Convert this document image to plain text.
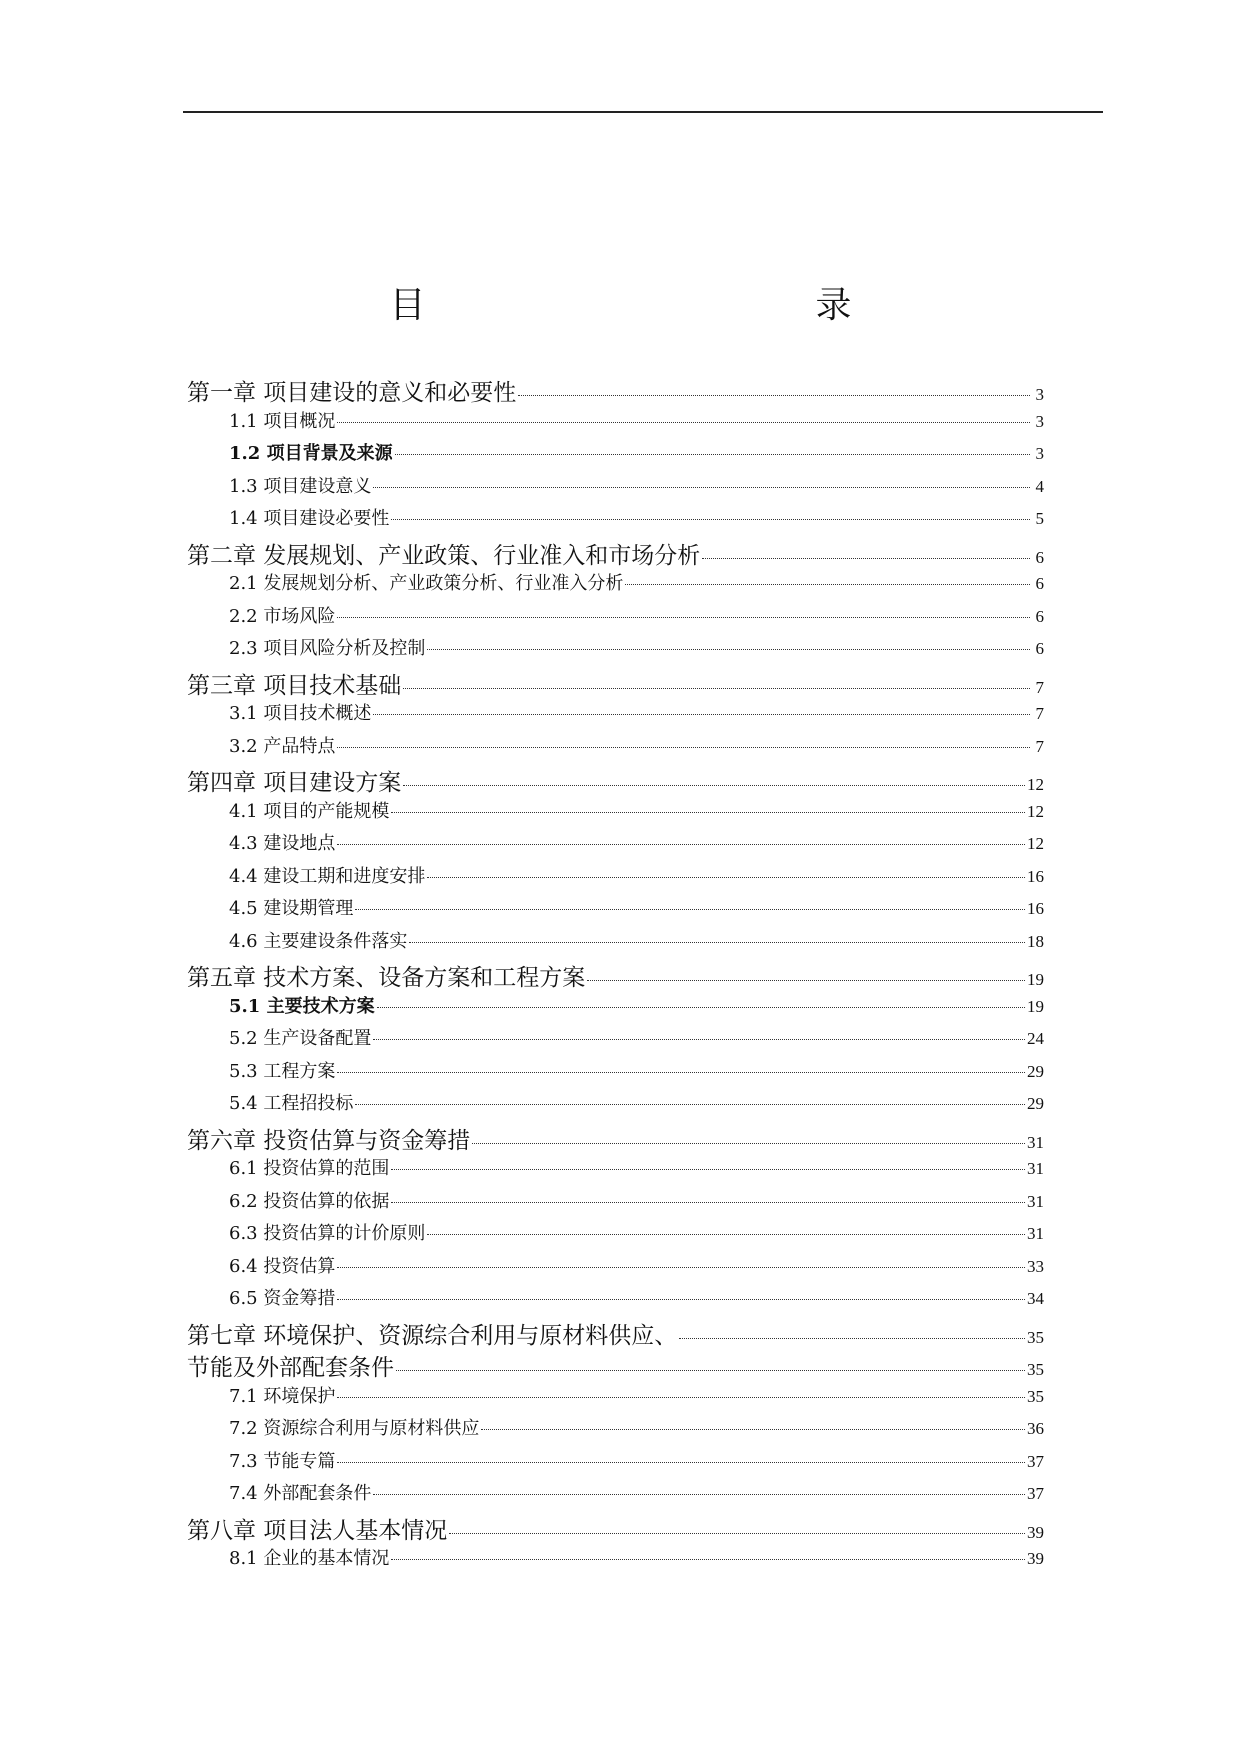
目　　录
第一章 项目建设的意义和必要性	3
1.1 项目概况	3
1.2 项目背景及来源	3
1.3 项目建设意义	4
1.4 项目建设必要性	5
第二章 发展规划、产业政策、行业准入和市场分析	6
2.1 发展规划分析、产业政策分析、行业准入分析	6
2.2 市场风险	6
2.3 项目风险分析及控制	6
第三章 项目技术基础	7
3.1 项目技术概述	7
3.2 产品特点	7
第四章 项目建设方案	12
4.1 项目的产能规模	12
4.3 建设地点	12
4.4 建设工期和进度安排	16
4.5 建设期管理	16
4.6 主要建设条件落实	18
第五章 技术方案、设备方案和工程方案	19
5.1 主要技术方案	19
5.2 生产设备配置	24
5.3 工程方案	29
5.4 工程招投标	29
第六章 投资估算与资金筹措	31
6.1 投资估算的范围	31
6.2 投资估算的依据	31
6.3 投资估算的计价原则	31
6.4 投资估算	33
6.5 资金筹措	34
第七章 环境保护、资源综合利用与原材料供应、	35
节能及外部配套条件	35
7.1 环境保护	35
7.2 资源综合利用与原材料供应	36
7.3 节能专篇	37
7.4 外部配套条件	37
第八章 项目法人基本情况	39
8.1 企业的基本情况	39
